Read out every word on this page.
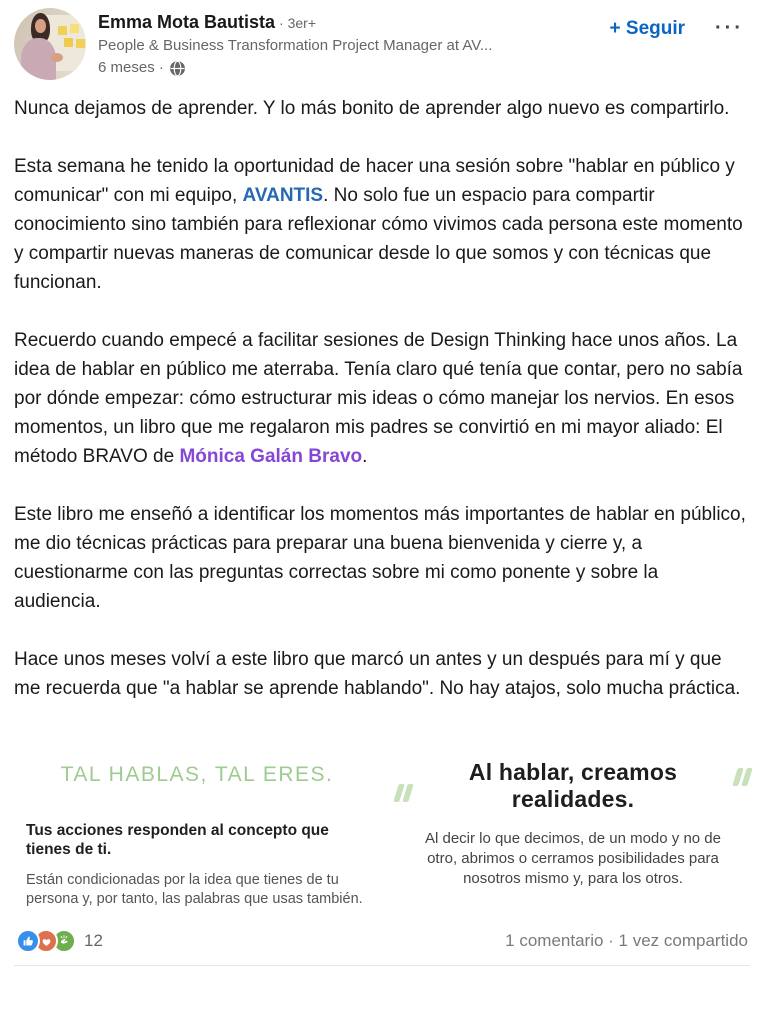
Emma Mota Bautista · 3er+
People & Business Transformation Project Manager at AV...
6 meses ·
+ Seguir ···

Nunca dejamos de aprender. Y lo más bonito de aprender algo nuevo es compartirlo.

Esta semana he tenido la oportunidad de hacer una sesión sobre "hablar en público y comunicar" con mi equipo, AVANTIS. No solo fue un espacio para compartir conocimiento sino también para reflexionar cómo vivimos cada persona este momento y compartir nuevas maneras de comunicar desde lo que somos y con técnicas que funcionan.

Recuerdo cuando empecé a facilitar sesiones de Design Thinking hace unos años. La idea de hablar en público me aterraba. Tenía claro qué tenía que contar, pero no sabía por dónde empezar: cómo estructurar mis ideas o cómo manejar los nervios. En esos momentos, un libro que me regalaron mis padres se convirtió en mi mayor aliado: El método BRAVO de Mónica Galán Bravo.

Este libro me enseñó a identificar los momentos más importantes de hablar en público, me dio técnicas prácticas para preparar una buena bienvenida y cierre y, a cuestionarme con las preguntas correctas sobre mi como ponente y sobre la audiencia.

Hace unos meses volví a este libro que marcó un antes y un después para mí y que me recuerda que "a hablar se aprende hablando". No hay atajos, solo mucha práctica.

TAL HABLAS, TAL ERES.
Tus acciones responden al concepto que tienes de ti.
Están condicionadas por la idea que tienes de tu persona y, por tanto, las palabras que usas también.
Al hablar, creamos realidades.
Al decir lo que decimos, de un modo y no de otro, abrimos o cerramos posibilidades para nosotros mismo y, para los otros.
12	1 comentario · 1 vez compartido
